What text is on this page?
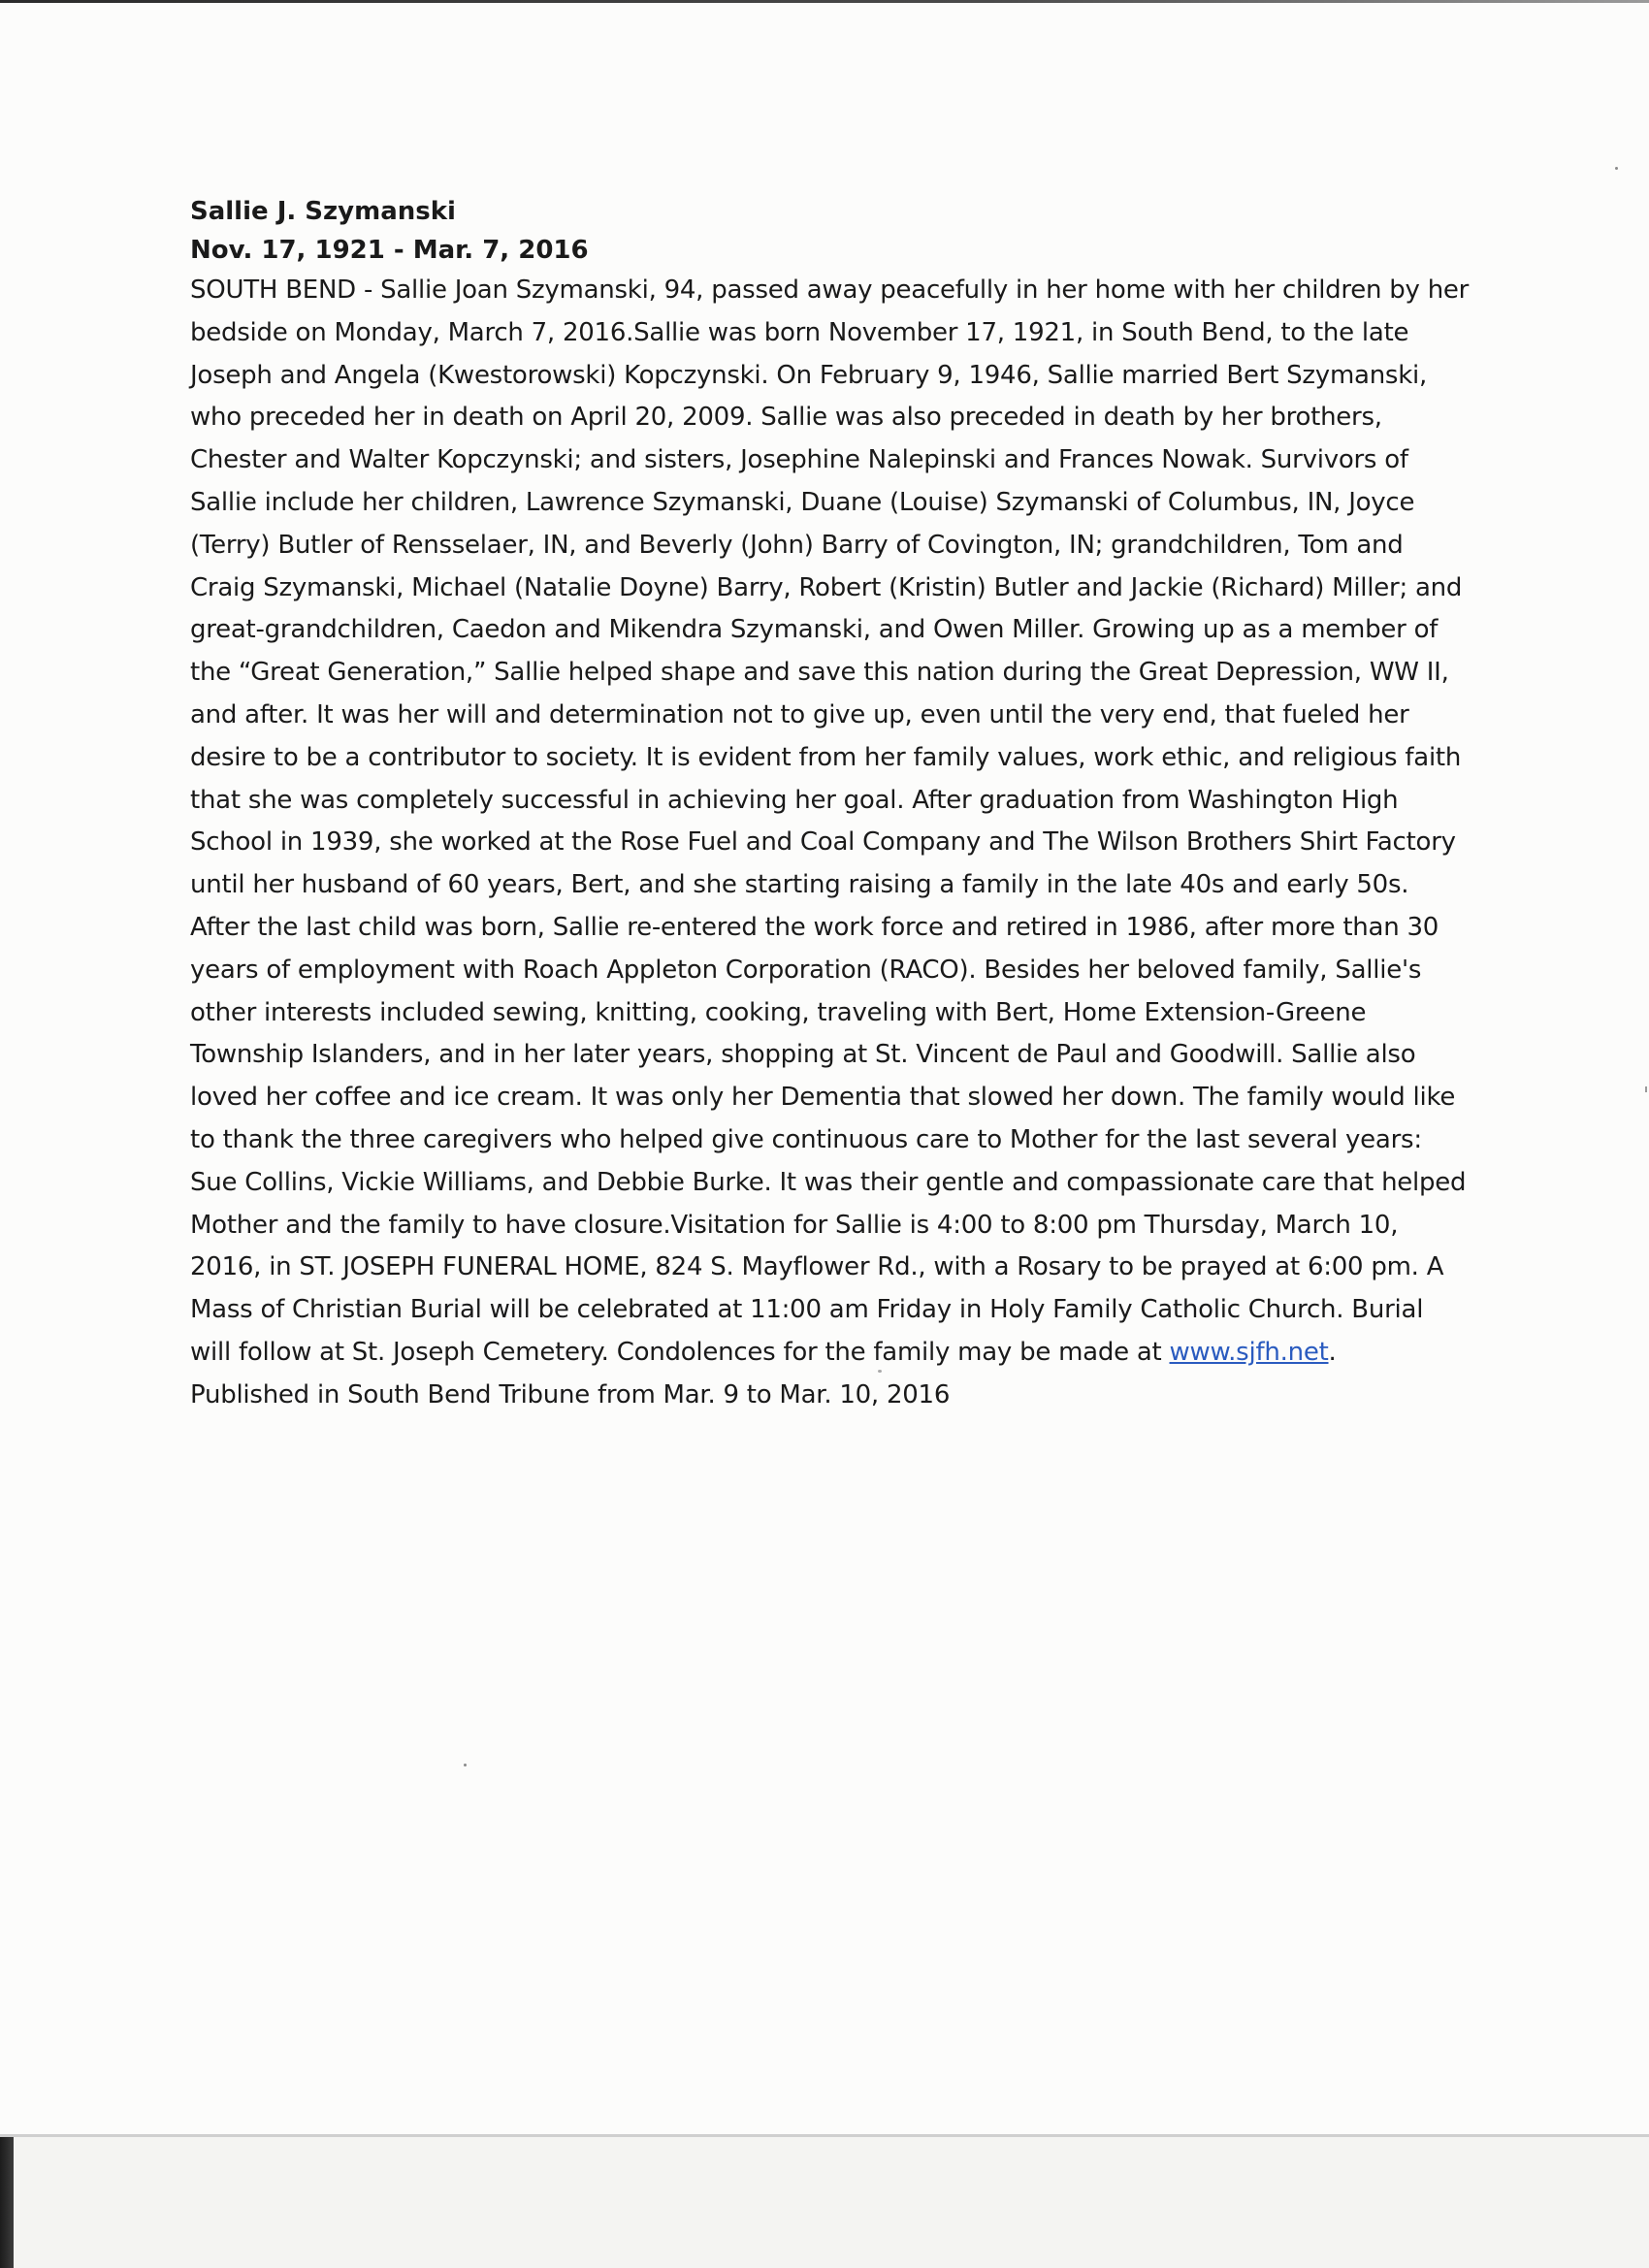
Sallie J. Szymanski

Nov. 17, 1921 - Mar. 7, 2016

SOUTH BEND - Sallie Joan Szymanski, 94, passed away peacefully in her home with her children by her bedside on Monday, March 7, 2016.Sallie was born November 17, 1921, in South Bend, to the late Joseph and Angela (Kwestorowski) Kopczynski. On February 9, 1946, Sallie married Bert Szymanski, who preceded her in death on April 20, 2009. Sallie was also preceded in death by her brothers, Chester and Walter Kopczynski; and sisters, Josephine Nalepinski and Frances Nowak. Survivors of Sallie include her children, Lawrence Szymanski, Duane (Louise) Szymanski of Columbus, IN, Joyce (Terry) Butler of Rensselaer, IN, and Beverly (John) Barry of Covington, IN; grandchildren, Tom and Craig Szymanski, Michael (Natalie Doyne) Barry, Robert (Kristin) Butler and Jackie (Richard) Miller; and great-grandchildren, Caedon and Mikendra Szymanski, and Owen Miller. Growing up as a member of the “Great Generation,” Sallie helped shape and save this nation during the Great Depression, WW II, and after. It was her will and determination not to give up, even until the very end, that fueled her desire to be a contributor to society. It is evident from her family values, work ethic, and religious faith that she was completely successful in achieving her goal. After graduation from Washington High School in 1939, she worked at the Rose Fuel and Coal Company and The Wilson Brothers Shirt Factory until her husband of 60 years, Bert, and she starting raising a family in the late 40s and early 50s. After the last child was born, Sallie re-entered the work force and retired in 1986, after more than 30 years of employment with Roach Appleton Corporation (RACO). Besides her beloved family, Sallie's other interests included sewing, knitting, cooking, traveling with Bert, Home Extension-Greene Township Islanders, and in her later years, shopping at St. Vincent de Paul and Goodwill. Sallie also loved her coffee and ice cream. It was only her Dementia that slowed her down. The family would like to thank the three caregivers who helped give continuous care to Mother for the last several years: Sue Collins, Vickie Williams, and Debbie Burke. It was their gentle and compassionate care that helped Mother and the family to have closure.Visitation for Sallie is 4:00 to 8:00 pm Thursday, March 10, 2016, in ST. JOSEPH FUNERAL HOME, 824 S. Mayflower Rd., with a Rosary to be prayed at 6:00 pm. A Mass of Christian Burial will be celebrated at 11:00 am Friday in Holy Family Catholic Church. Burial will follow at St. Joseph Cemetery. Condolences for the family may be made at www.sjfh.net.

Published in South Bend Tribune from Mar. 9 to Mar. 10, 2016
